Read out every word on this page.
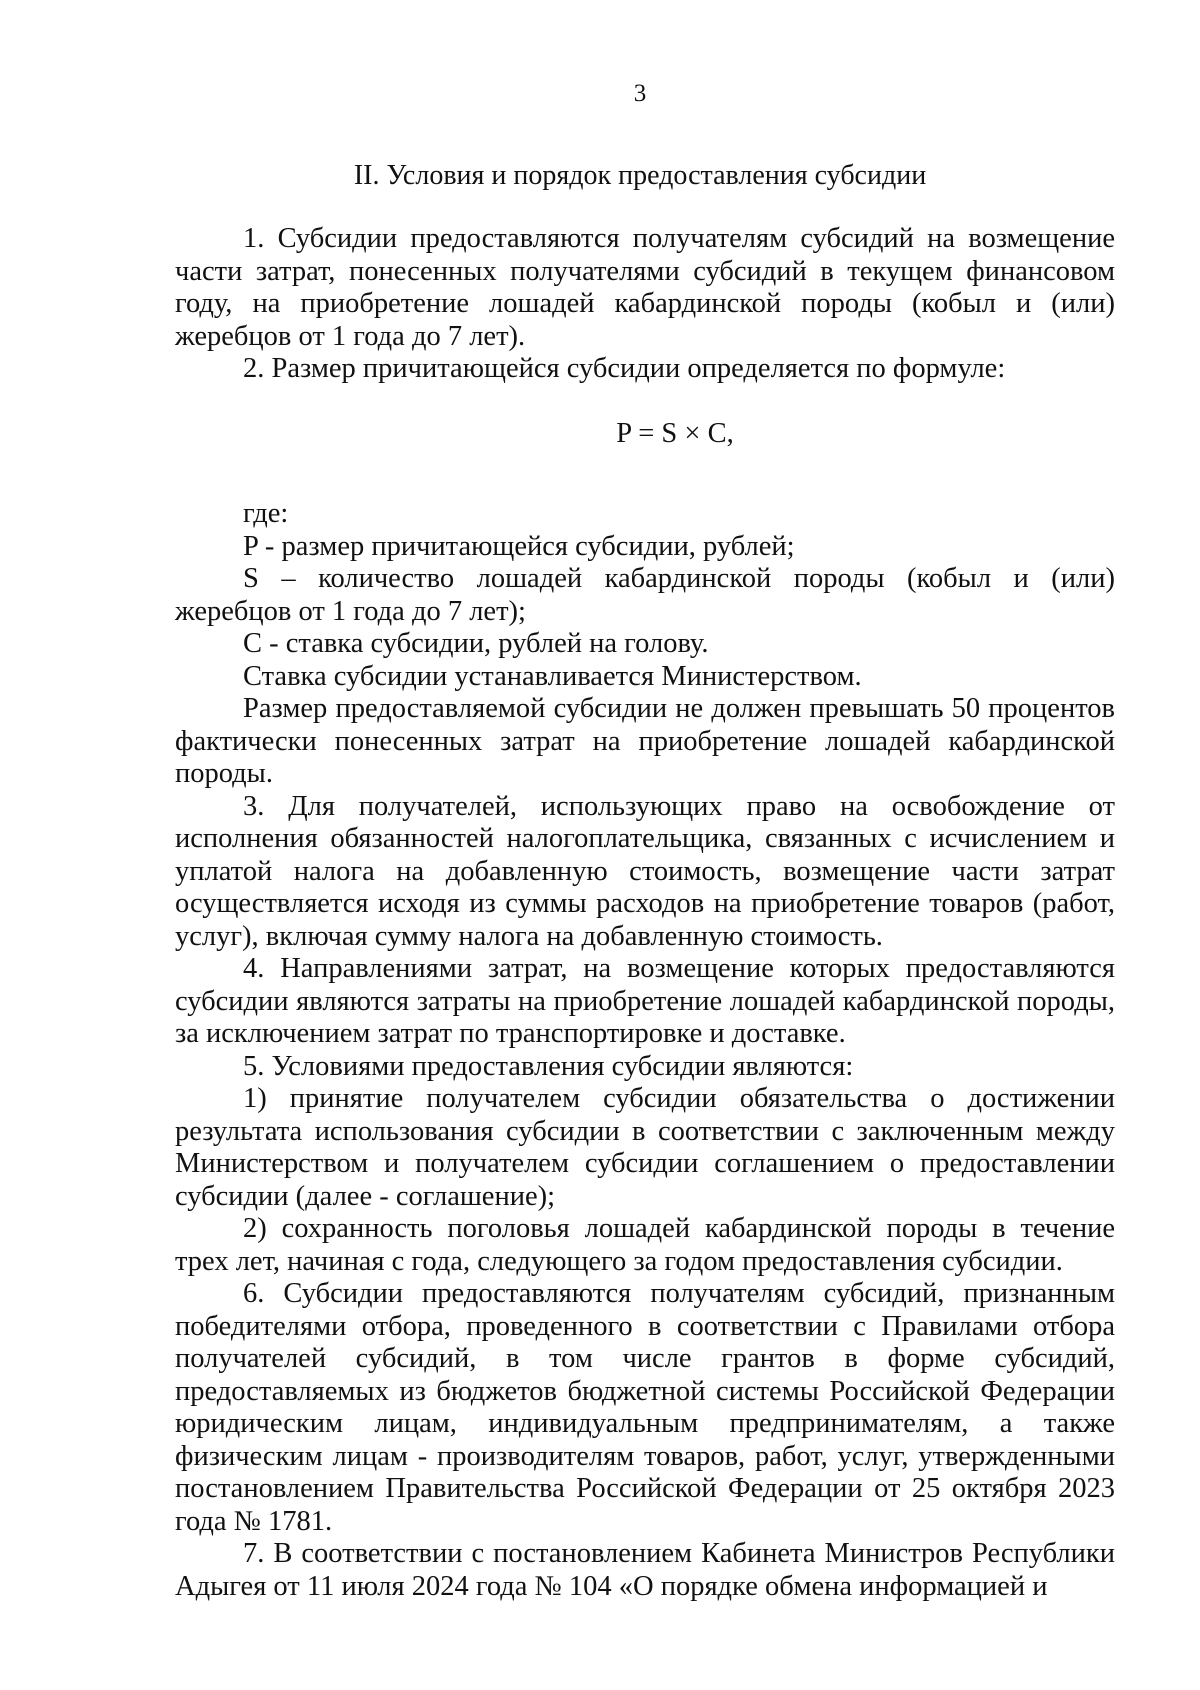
3
II. Условия и порядок предоставления субсидии

1. Субсидии предоставляются получателям субсидий на возмещение части затрат, понесенных получателями субсидий в текущем финансовом году, на приобретение лошадей кабардинской породы (кобыл и (или) жеребцов от 1 года до 7 лет).

2. Размер причитающейся субсидии определяется по формуле:

P = S × C,

где:

P - размер причитающейся субсидии, рублей;

S – количество лошадей кабардинской породы (кобыл и (или) жеребцов от 1 года до 7 лет);

C - ставка субсидии, рублей на голову.

Ставка субсидии устанавливается Министерством.

Размер предоставляемой субсидии не должен превышать 50 процентов фактически понесенных затрат на приобретение лошадей кабардинской породы.

3. Для получателей, использующих право на освобождение от исполнения обязанностей налогоплательщика, связанных с исчислением и уплатой налога на добавленную стоимость, возмещение части затрат осуществляется исходя из суммы расходов на приобретение товаров (работ, услуг), включая сумму налога на добавленную стоимость.

4. Направлениями затрат, на возмещение которых предоставляются субсидии являются затраты на приобретение лошадей кабардинской породы, за исключением затрат по транспортировке и доставке.

5. Условиями предоставления субсидии являются:

1) принятие получателем субсидии обязательства о достижении результата использования субсидии в соответствии с заключенным между Министерством и получателем субсидии соглашением о предоставлении субсидии (далее - соглашение);

2) сохранность поголовья лошадей кабардинской породы в течение трех лет, начиная с года, следующего за годом предоставления субсидии.

6. Субсидии предоставляются получателям субсидий, признанным победителями отбора, проведенного в соответствии с Правилами отбора получателей субсидий, в том числе грантов в форме субсидий, предоставляемых из бюджетов бюджетной системы Российской Федерации юридическим лицам, индивидуальным предпринимателям, а также физическим лицам - производителям товаров, работ, услуг, утвержденными постановлением Правительства Российской Федерации от 25 октября 2023 года № 1781.

7. В соответствии с постановлением Кабинета Министров Республики Адыгея от 11 июля 2024 года № 104 «О порядке обмена информацией и
